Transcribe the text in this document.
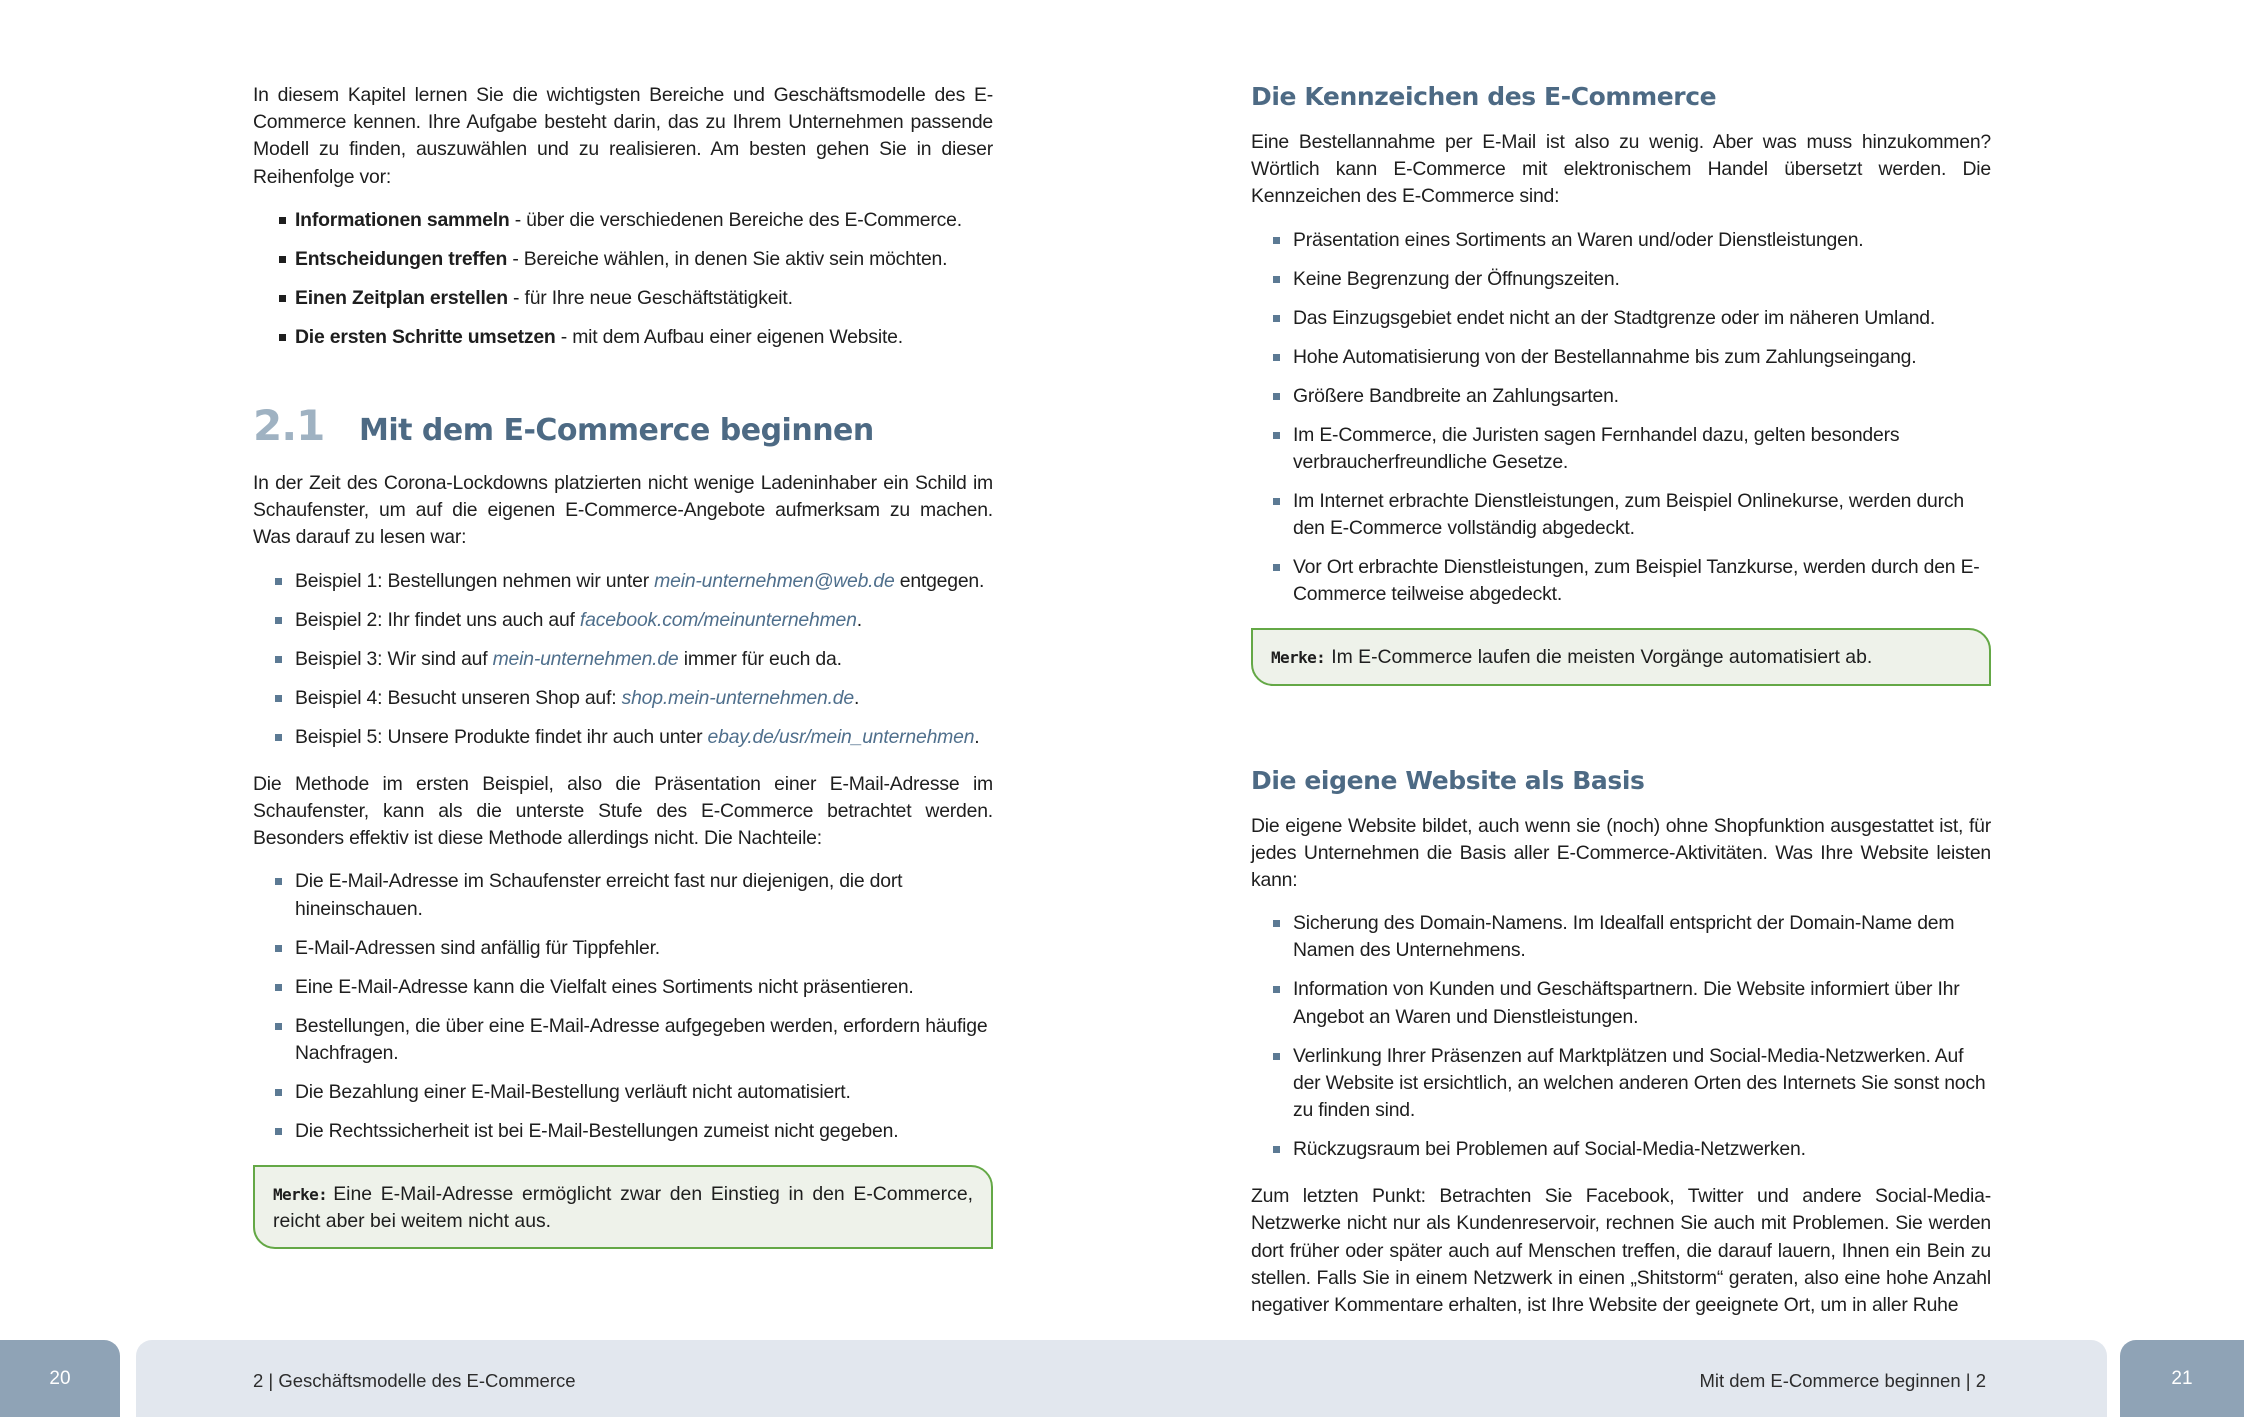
In diesem Kapitel lernen Sie die wichtigsten Bereiche und Geschäftsmodelle des E-Commerce kennen. Ihre Aufgabe besteht darin, das zu Ihrem Unternehmen passende Modell zu finden, auszuwählen und zu realisieren. Am besten gehen Sie in dieser Reihenfolge vor:

Informationen sammeln - über die verschiedenen Bereiche des E-Commerce.
Entscheidungen treffen - Bereiche wählen, in denen Sie aktiv sein möchten.
Einen Zeitplan erstellen - für Ihre neue Geschäftstätigkeit.
Die ersten Schritte umsetzen - mit dem Aufbau einer eigenen Website.
2.1	Mit dem E-Commerce beginnen

In der Zeit des Corona-Lockdowns platzierten nicht wenige Ladeninhaber ein Schild im Schaufenster, um auf die eigenen E-Commerce-Angebote aufmerksam zu machen. Was darauf zu lesen war:

Beispiel 1: Bestellungen nehmen wir unter mein-unternehmen@web.de entgegen.
Beispiel 2: Ihr findet uns auch auf facebook.com/meinunternehmen.
Beispiel 3: Wir sind auf mein-unternehmen.de immer für euch da.
Beispiel 4: Besucht unseren Shop auf: shop.mein-unternehmen.de.
Beispiel 5: Unsere Produkte findet ihr auch unter ebay.de/usr/mein_unternehmen.

Die Methode im ersten Beispiel, also die Präsentation einer E-Mail-Adresse im Schaufenster, kann als die unterste Stufe des E-Commerce betrachtet werden. Besonders effektiv ist diese Methode allerdings nicht. Die Nachteile:

Die E-Mail-Adresse im Schaufenster erreicht fast nur diejenigen, die dort hineinschauen.
E-Mail-Adressen sind anfällig für Tippfehler.
Eine E-Mail-Adresse kann die Vielfalt eines Sortiments nicht präsentieren.
Bestellungen, die über eine E-Mail-Adresse aufgegeben werden, erfordern häufige Nachfragen.
Die Bezahlung einer E-Mail-Bestellung verläuft nicht automatisiert.
Die Rechtssicherheit ist bei E-Mail-Bestellungen zumeist nicht gegeben.
Merke: Eine E-Mail-Adresse ermöglicht zwar den Einstieg in den E-Commerce, reicht aber bei weitem nicht aus.
Die Kennzeichen des E-Commerce

Eine Bestellannahme per E-Mail ist also zu wenig. Aber was muss hinzukommen? Wörtlich kann E-Commerce mit elektronischem Handel übersetzt werden. Die Kennzeichen des E-Commerce sind:

Präsentation eines Sortiments an Waren und/oder Dienstleistungen.
Keine Begrenzung der Öffnungszeiten.
Das Einzugsgebiet endet nicht an der Stadtgrenze oder im näheren Umland.
Hohe Automatisierung von der Bestellannahme bis zum Zahlungseingang.
Größere Bandbreite an Zahlungsarten.
Im E-Commerce, die Juristen sagen Fernhandel dazu, gelten besonders verbraucherfreundliche Gesetze.
Im Internet erbrachte Dienstleistungen, zum Beispiel Onlinekurse, werden durch den E-Commerce vollständig abgedeckt.
Vor Ort erbrachte Dienstleistungen, zum Beispiel Tanzkurse, werden durch den E-Commerce teilweise abgedeckt.
Merke: Im E-Commerce laufen die meisten Vorgänge automatisiert ab.
Die eigene Website als Basis

Die eigene Website bildet, auch wenn sie (noch) ohne Shopfunktion ausgestattet ist, für jedes Unternehmen die Basis aller E-Commerce-Aktivitäten. Was Ihre Website leisten kann:

Sicherung des Domain-Namens. Im Idealfall entspricht der Domain-Name dem Namen des Unternehmens.
Information von Kunden und Geschäftspartnern. Die Website informiert über Ihr Angebot an Waren und Dienstleistungen.
Verlinkung Ihrer Präsenzen auf Marktplätzen und Social-Media-Netzwerken. Auf der Website ist ersichtlich, an welchen anderen Orten des Internets Sie sonst noch zu finden sind.
Rückzugsraum bei Problemen auf Social-Media-Netzwerken.

Zum letzten Punkt: Betrachten Sie Facebook, Twitter und andere Social-Media-Netzwerke nicht nur als Kundenreservoir, rechnen Sie auch mit Problemen. Sie werden dort früher oder später auch auf Menschen treffen, die darauf lauern, Ihnen ein Bein zu stellen. Falls Sie in einem Netzwerk in einen „Shitstorm“ geraten, also eine hohe Anzahl negativer Kommentare erhalten, ist Ihre Website der geeignete Ort, um in aller Ruhe

20	21
2 | Geschäftsmodelle des E-Commerce	Mit dem E-Commerce beginnen | 2
